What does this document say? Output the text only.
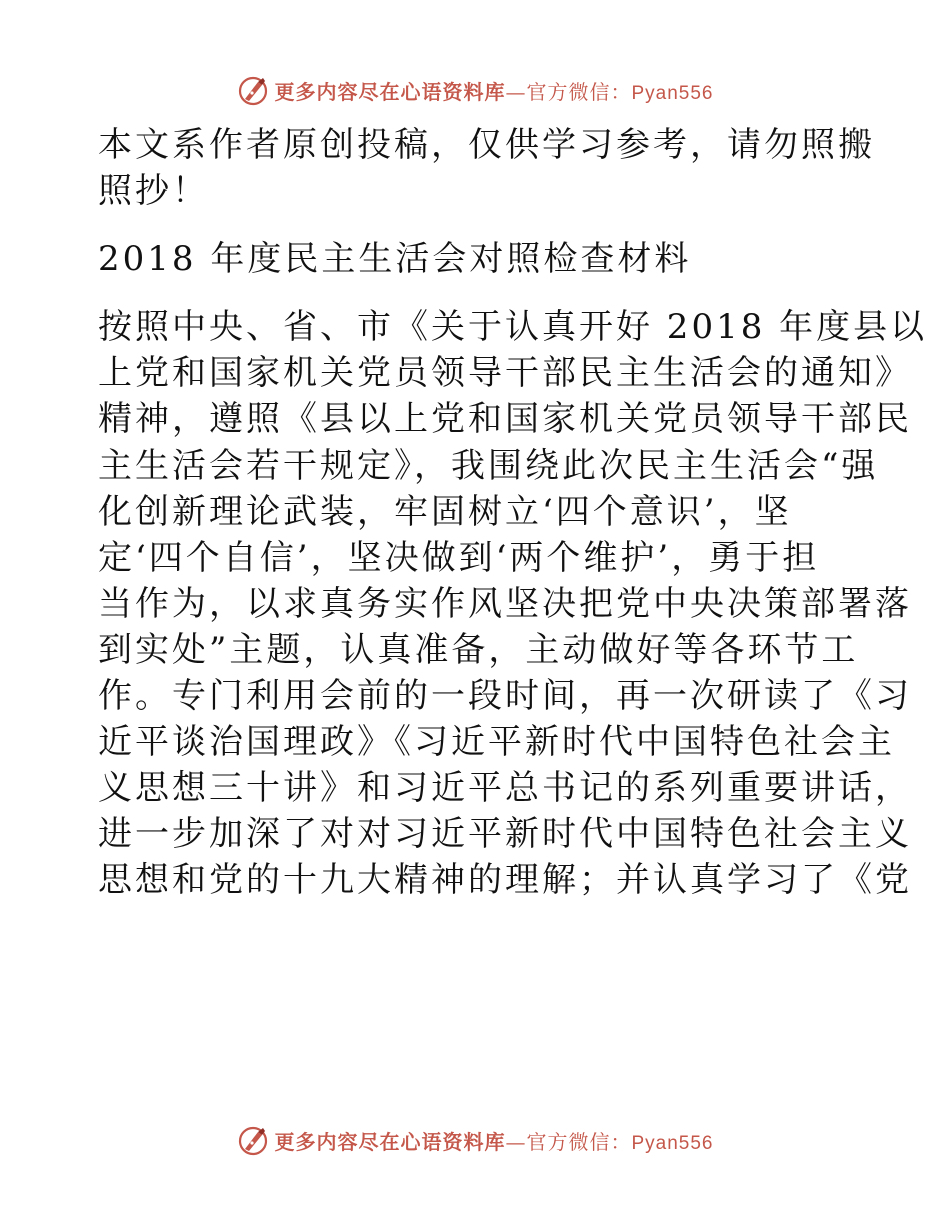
更多内容尽在心语资料库—官方微信：Pyan556

本文系作者原创投稿，仅供学习参考，请勿照搬
照抄！

2018 年度民主生活会对照检查材料

按照中央、省、市《关于认真开好 2018 年度县以
上党和国家机关党员领导干部民主生活会的通知》
精神，遵照《县以上党和国家机关党员领导干部民
主生活会若干规定》，我围绕此次民主生活会“强
化创新理论武装，牢固树立‘四个意识’，坚
定‘四个自信’，坚决做到‘两个维护’，勇于担
当作为，以求真务实作风坚决把党中央决策部署落
到实处”主题，认真准备，主动做好等各环节工
作。专门利用会前的一段时间，再一次研读了《习
近平谈治国理政》《习近平新时代中国特色社会主
义思想三十讲》和习近平总书记的系列重要讲话，
进一步加深了对对习近平新时代中国特色社会主义
思想和党的十九大精神的理解；并认真学习了《党

更多内容尽在心语资料库—官方微信：Pyan556
